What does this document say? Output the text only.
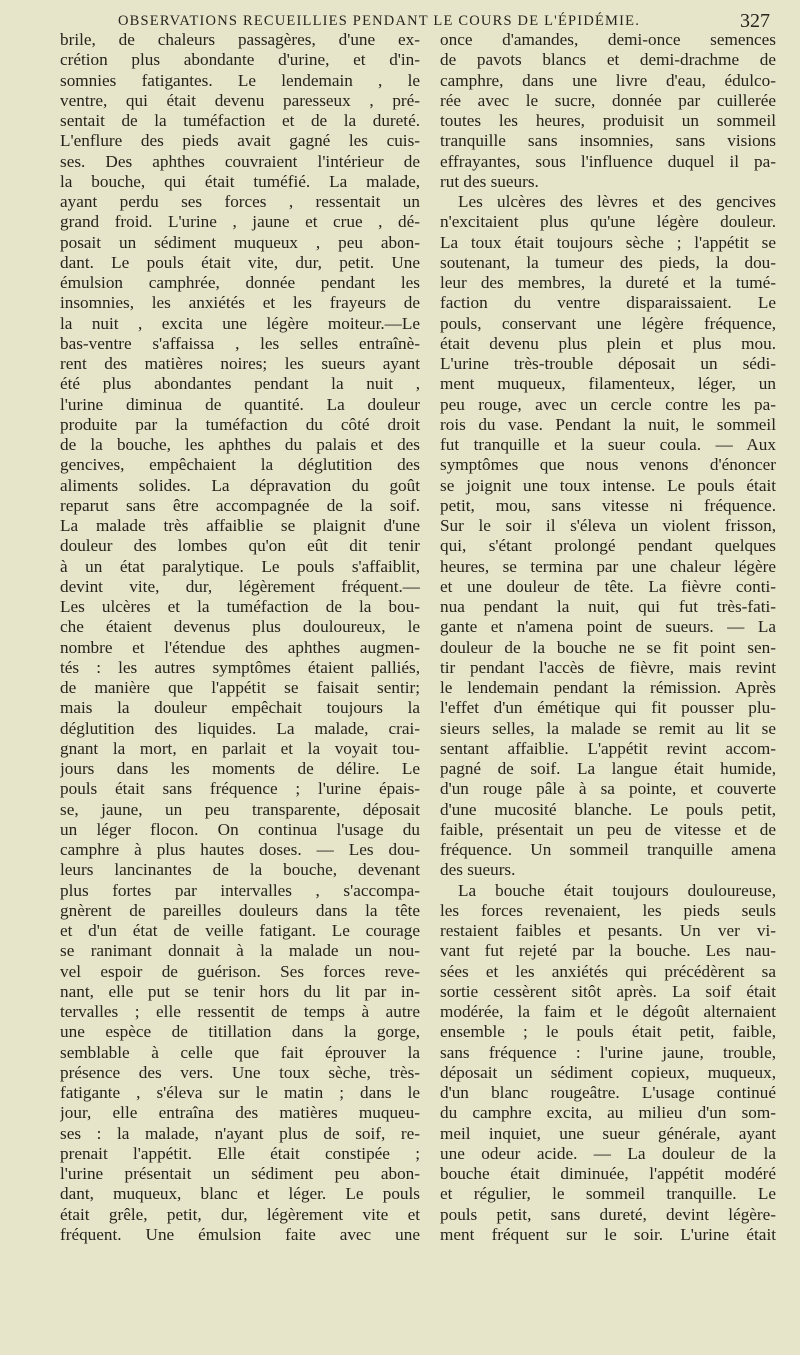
OBSERVATIONS RECUEILLIES PENDANT LE COURS DE L'ÉPIDÉMIE.	327
brile, de chaleurs passagères, d'une ex-
crétion plus abondante d'urine, et d'in-
somnies fatigantes. Le lendemain , le
ventre, qui était devenu paresseux , pré-
sentait de la tuméfaction et de la dureté.
L'enflure des pieds avait gagné les cuis-
ses. Des aphthes couvraient l'intérieur de
la bouche, qui était tuméfié. La malade,
ayant perdu ses forces , ressentait un
grand froid. L'urine , jaune et crue , dé-
posait un sédiment muqueux , peu abon-
dant. Le pouls était vite, dur, petit. Une
émulsion camphrée, donnée pendant les
insomnies, les anxiétés et les frayeurs de
la nuit , excita une légère moiteur.—Le
bas-ventre s'affaissa , les selles entraînè-
rent des matières noires; les sueurs ayant
été plus abondantes pendant la nuit ,
l'urine diminua de quantité. La douleur
produite par la tuméfaction du côté droit
de la bouche, les aphthes du palais et des
gencives, empêchaient la déglutition des
aliments solides. La dépravation du goût
reparut sans être accompagnée de la soif.
La malade très affaiblie se plaignit d'une
douleur des lombes qu'on eût dit tenir
à un état paralytique. Le pouls s'affaiblit,
devint vite, dur, légèrement fréquent.—
Les ulcères et la tuméfaction de la bou-
che étaient devenus plus douloureux, le
nombre et l'étendue des aphthes augmen-
tés : les autres symptômes étaient palliés,
de manière que l'appétit se faisait sentir;
mais la douleur empêchait toujours la
déglutition des liquides. La malade, crai-
gnant la mort, en parlait et la voyait tou-
jours dans les moments de délire. Le
pouls était sans fréquence ; l'urine épais-
se, jaune, un peu transparente, déposait
un léger flocon. On continua l'usage du
camphre à plus hautes doses. — Les dou-
leurs lancinantes de la bouche, devenant
plus fortes par intervalles , s'accompa-
gnèrent de pareilles douleurs dans la tête
et d'un état de veille fatigant. Le courage
se ranimant donnait à la malade un nou-
vel espoir de guérison. Ses forces reve-
nant, elle put se tenir hors du lit par in-
tervalles ; elle ressentit de temps à autre
une espèce de titillation dans la gorge,
semblable à celle que fait éprouver la
présence des vers. Une toux sèche, très-
fatigante , s'éleva sur le matin ; dans le
jour, elle entraîna des matières muqueu-
ses : la malade, n'ayant plus de soif, re-
prenait l'appétit. Elle était constipée ;
l'urine présentait un sédiment peu abon-
dant, muqueux, blanc et léger. Le pouls
était grêle, petit, dur, légèrement vite et
fréquent. Une émulsion faite avec une
once d'amandes, demi-once semences
de pavots blancs et demi-drachme de
camphre, dans une livre d'eau, édulco-
rée avec le sucre, donnée par cuillerée
toutes les heures, produisit un sommeil
tranquille sans insomnies, sans visions
effrayantes, sous l'influence duquel il pa-
rut des sueurs.
Les ulcères des lèvres et des gencives
n'excitaient plus qu'une légère douleur.
La toux était toujours sèche ; l'appétit se
soutenant, la tumeur des pieds, la dou-
leur des membres, la dureté et la tumé-
faction du ventre disparaissaient. Le
pouls, conservant une légère fréquence,
était devenu plus plein et plus mou.
L'urine très-trouble déposait un sédi-
ment muqueux, filamenteux, léger, un
peu rouge, avec un cercle contre les pa-
rois du vase. Pendant la nuit, le sommeil
fut tranquille et la sueur coula. — Aux
symptômes que nous venons d'énoncer
se joignit une toux intense. Le pouls était
petit, mou, sans vitesse ni fréquence.
Sur le soir il s'éleva un violent frisson,
qui, s'étant prolongé pendant quelques
heures, se termina par une chaleur légère
et une douleur de tête. La fièvre conti-
nua pendant la nuit, qui fut très-fati-
gante et n'amena point de sueurs. — La
douleur de la bouche ne se fit point sen-
tir pendant l'accès de fièvre, mais revint
le lendemain pendant la rémission. Après
l'effet d'un émétique qui fit pousser plu-
sieurs selles, la malade se remit au lit se
sentant affaiblie. L'appétit revint accom-
pagné de soif. La langue était humide,
d'un rouge pâle à sa pointe, et couverte
d'une mucosité blanche. Le pouls petit,
faible, présentait un peu de vitesse et de
fréquence. Un sommeil tranquille amena
des sueurs.
La bouche était toujours douloureuse,
les forces revenaient, les pieds seuls
restaient faibles et pesants. Un ver vi-
vant fut rejeté par la bouche. Les nau-
sées et les anxiétés qui précédèrent sa
sortie cessèrent sitôt après. La soif était
modérée, la faim et le dégoût alternaient
ensemble ; le pouls était petit, faible,
sans fréquence : l'urine jaune, trouble,
déposait un sédiment copieux, muqueux,
d'un blanc rougeâtre. L'usage continué
du camphre excita, au milieu d'un som-
meil inquiet, une sueur générale, ayant
une odeur acide. — La douleur de la
bouche était diminuée, l'appétit modéré
et régulier, le sommeil tranquille. Le
pouls petit, sans dureté, devint légère-
ment fréquent sur le soir. L'urine était
